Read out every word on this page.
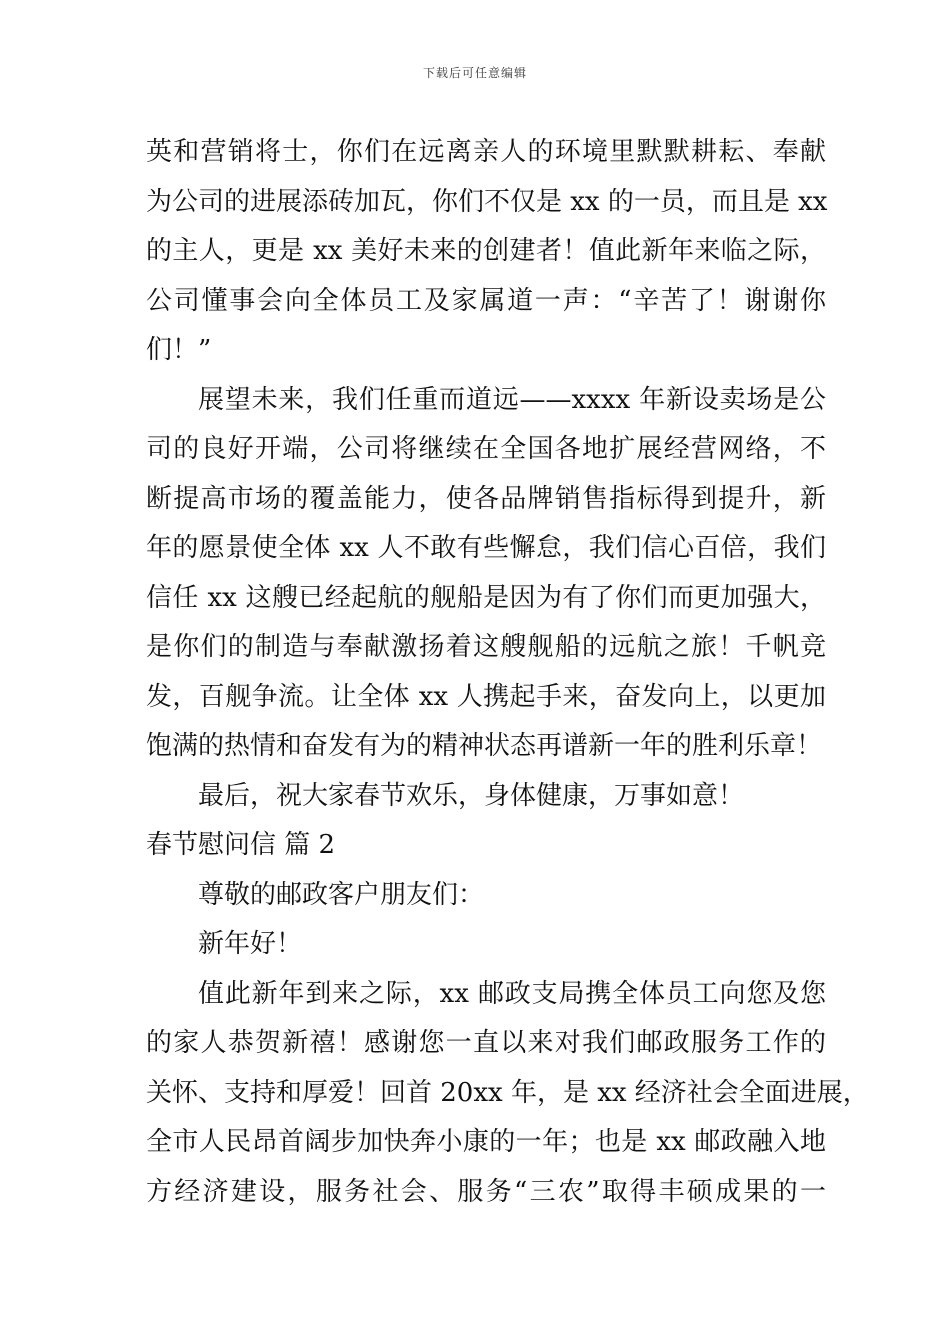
下载后可任意编辑
英和营销将士，你们在远离亲人的环境里默默耕耘、奉献
为公司的进展添砖加瓦，你们不仅是 xx 的一员，而且是 xx
的主人，更是 xx 美好未来的创建者！值此新年来临之际，
公司懂事会向全体员工及家属道一声：“辛苦了！谢谢你
们！”
展望未来，我们任重而道远——xxxx 年新设卖场是公
司的良好开端，公司将继续在全国各地扩展经营网络，不
断提高市场的覆盖能力，使各品牌销售指标得到提升，新
年的愿景使全体 xx 人不敢有些懈怠，我们信心百倍，我们
信任 xx 这艘已经起航的舰船是因为有了你们而更加强大，
是你们的制造与奉献激扬着这艘舰船的远航之旅！千帆竞
发，百舰争流。让全体 xx 人携起手来，奋发向上，以更加
饱满的热情和奋发有为的精神状态再谱新一年的胜利乐章！
最后，祝大家春节欢乐，身体健康，万事如意！
春节慰问信 篇 2
尊敬的邮政客户朋友们：
新年好！
值此新年到来之际，xx 邮政支局携全体员工向您及您
的家人恭贺新禧！感谢您一直以来对我们邮政服务工作的
关怀、支持和厚爱！回首 20xx 年，是 xx 经济社会全面进展，
全市人民昂首阔步加快奔小康的一年；也是 xx 邮政融入地
方经济建设，服务社会、服务“三农”取得丰硕成果的一
